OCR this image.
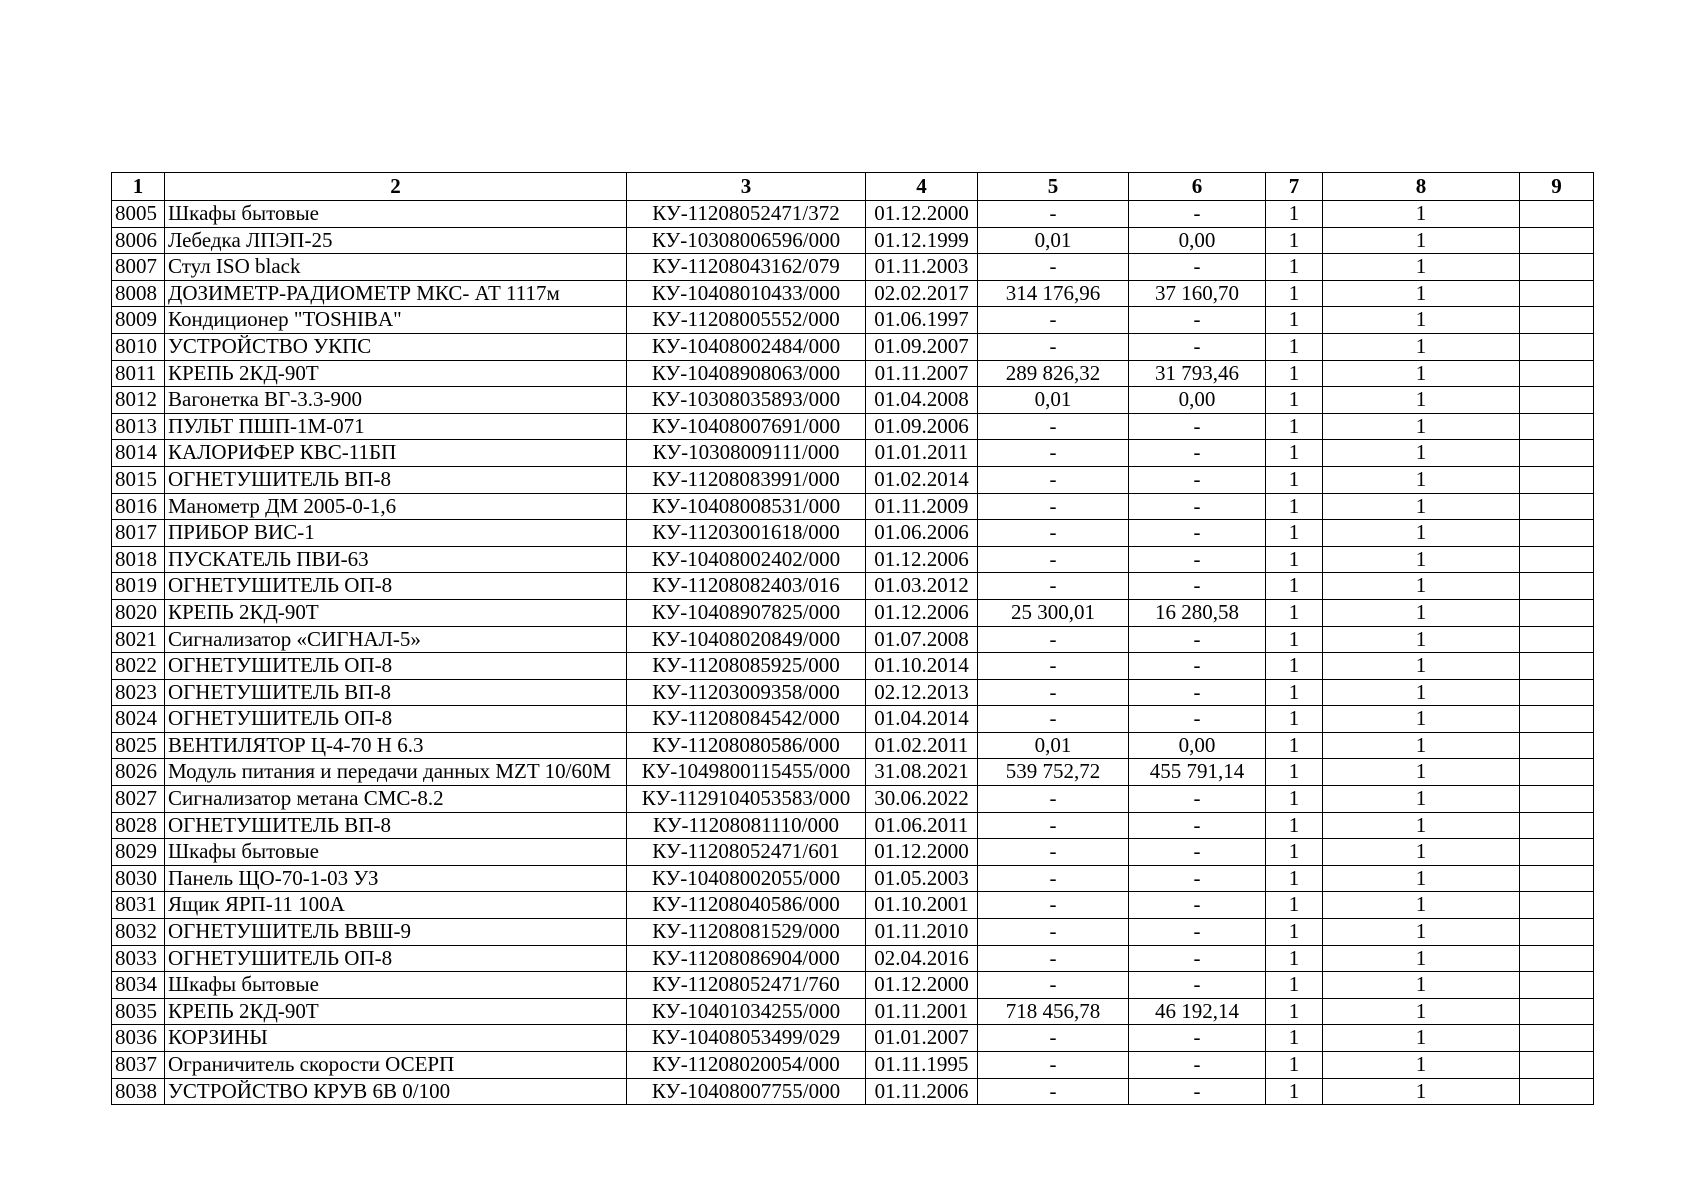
1	2	3	4	5	6	7	8	9
8005	Шкафы бытовые	КУ-11208052471/372	01.12.2000	-	-	1	1	
8006	Лебедка ЛПЭП-25	КУ-10308006596/000	01.12.1999	0,01	0,00	1	1	
8007	Стул ISO black	КУ-11208043162/079	01.11.2003	-	-	1	1	
8008	ДОЗИМЕТР-РАДИОМЕТР МКС- АТ 1117м	КУ-10408010433/000	02.02.2017	314 176,96	37 160,70	1	1	
8009	Кондиционер "TOSHIBA"	КУ-11208005552/000	01.06.1997	-	-	1	1	
8010	УСТРОЙСТВО УКПС	КУ-10408002484/000	01.09.2007	-	-	1	1	
8011	КРЕПЬ 2КД-90Т	КУ-10408908063/000	01.11.2007	289 826,32	31 793,46	1	1	
8012	Вагонетка ВГ-3.3-900	КУ-10308035893/000	01.04.2008	0,01	0,00	1	1	
8013	ПУЛЬТ ПШП-1М-071	КУ-10408007691/000	01.09.2006	-	-	1	1	
8014	КАЛОРИФЕР КВС-11БП	КУ-10308009111/000	01.01.2011	-	-	1	1	
8015	ОГНЕТУШИТЕЛЬ ВП-8	КУ-11208083991/000	01.02.2014	-	-	1	1	
8016	Манометр ДМ 2005-0-1,6	КУ-10408008531/000	01.11.2009	-	-	1	1	
8017	ПРИБОР ВИС-1	КУ-11203001618/000	01.06.2006	-	-	1	1	
8018	ПУСКАТЕЛЬ ПВИ-63	КУ-10408002402/000	01.12.2006	-	-	1	1	
8019	ОГНЕТУШИТЕЛЬ ОП-8	КУ-11208082403/016	01.03.2012	-	-	1	1	
8020	КРЕПЬ 2КД-90Т	КУ-10408907825/000	01.12.2006	25 300,01	16 280,58	1	1	
8021	Сигнализатор «СИГНАЛ-5»	КУ-10408020849/000	01.07.2008	-	-	1	1	
8022	ОГНЕТУШИТЕЛЬ ОП-8	КУ-11208085925/000	01.10.2014	-	-	1	1	
8023	ОГНЕТУШИТЕЛЬ ВП-8	КУ-11203009358/000	02.12.2013	-	-	1	1	
8024	ОГНЕТУШИТЕЛЬ ОП-8	КУ-11208084542/000	01.04.2014	-	-	1	1	
8025	ВЕНТИЛЯТОР Ц-4-70 Н 6.3	КУ-11208080586/000	01.02.2011	0,01	0,00	1	1	
8026	Модуль питания и передачи данных MZT 10/60М	КУ-1049800115455/000	31.08.2021	539 752,72	455 791,14	1	1	
8027	Сигнализатор метана СМС-8.2	КУ-1129104053583/000	30.06.2022	-	-	1	1	
8028	ОГНЕТУШИТЕЛЬ ВП-8	КУ-11208081110/000	01.06.2011	-	-	1	1	
8029	Шкафы бытовые	КУ-11208052471/601	01.12.2000	-	-	1	1	
8030	Панель ЩО-70-1-03 УЗ	КУ-10408002055/000	01.05.2003	-	-	1	1	
8031	Ящик ЯРП-11 100А	КУ-11208040586/000	01.10.2001	-	-	1	1	
8032	ОГНЕТУШИТЕЛЬ ВВШ-9	КУ-11208081529/000	01.11.2010	-	-	1	1	
8033	ОГНЕТУШИТЕЛЬ ОП-8	КУ-11208086904/000	02.04.2016	-	-	1	1	
8034	Шкафы бытовые	КУ-11208052471/760	01.12.2000	-	-	1	1	
8035	КРЕПЬ 2КД-90Т	КУ-10401034255/000	01.11.2001	718 456,78	46 192,14	1	1	
8036	КОРЗИНЫ	КУ-10408053499/029	01.01.2007	-	-	1	1	
8037	Ограничитель скорости ОСЕРП	КУ-11208020054/000	01.11.1995	-	-	1	1	
8038	УСТРОЙСТВО КРУВ 6В 0/100	КУ-10408007755/000	01.11.2006	-	-	1	1	
